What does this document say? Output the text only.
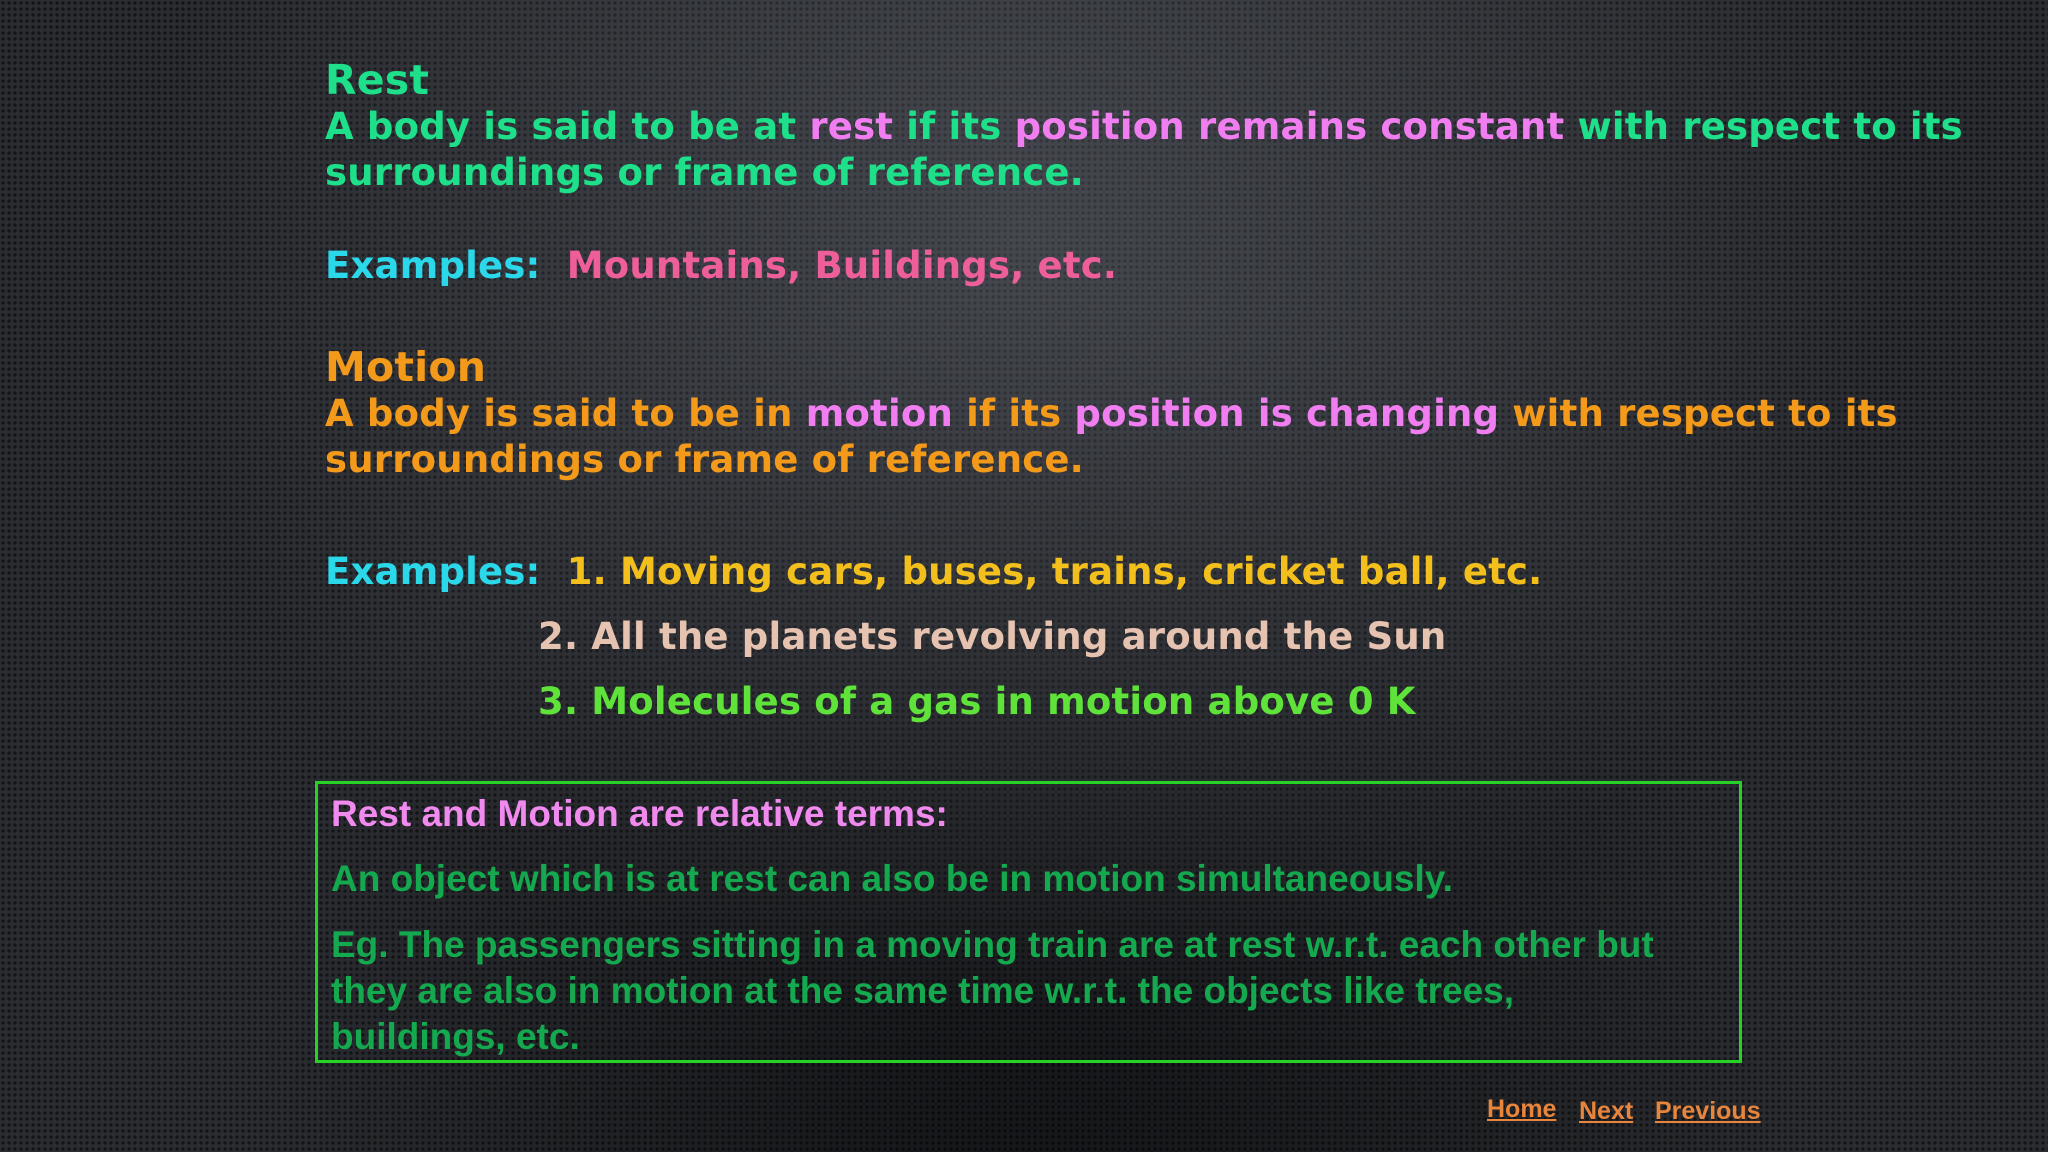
Rest
A body is said to be at rest if its position remains constant with respect to its
surroundings or frame of reference.
Examples: Mountains, Buildings, etc.
Motion
A body is said to be in motion if its position is changing with respect to its
surroundings or frame of reference.
Examples: 1. Moving cars, buses, trains, cricket ball, etc.
2. All the planets revolving around the Sun
3. Molecules of a gas in motion above 0 K
Rest and Motion are relative terms:
An object which is at rest can also be in motion simultaneously.
Eg. The passengers sitting in a moving train are at rest w.r.t. each other but
they are also in motion at the same time w.r.t. the objects like trees,
buildings, etc.
Home Next Previous
